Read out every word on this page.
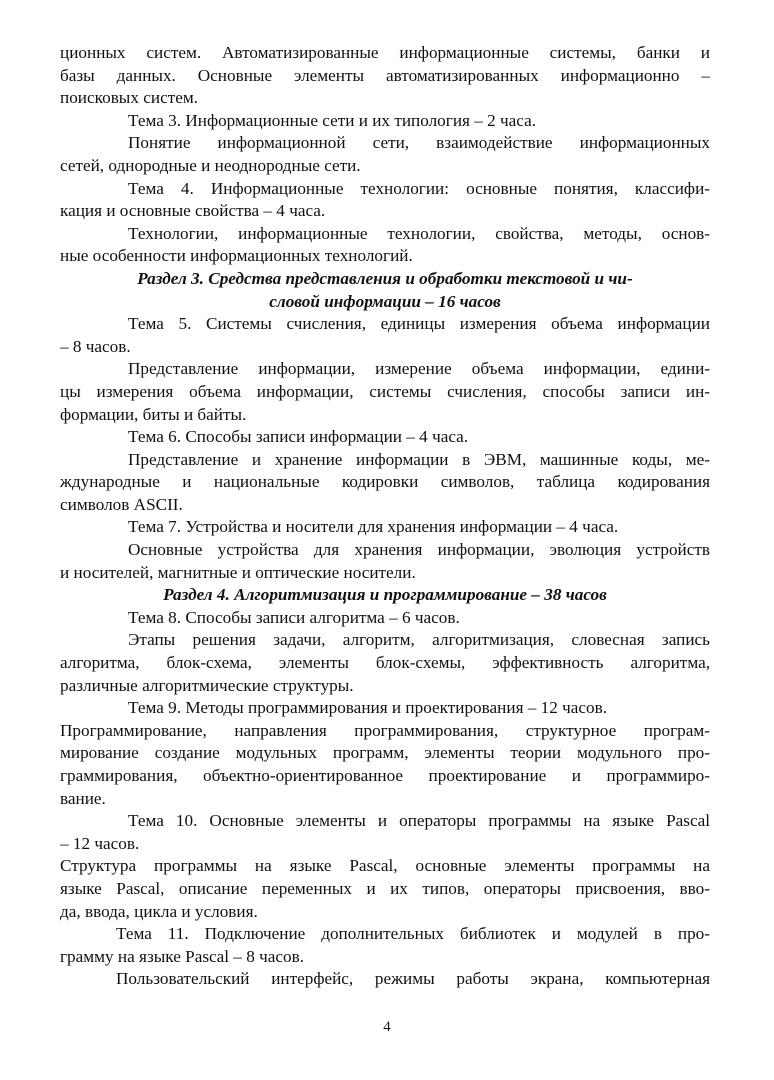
ционных систем. Автоматизированные информационные системы, банки и
базы данных. Основные элементы автоматизированных информационно –
поисковых систем.
Тема 3. Информационные сети и их типология – 2 часа.
Понятие информационной сети, взаимодействие информационных
сетей, однородные и неоднородные сети.
Тема 4. Информационные технологии: основные понятия, классифи-
кация и основные свойства – 4 часа.
Технологии, информационные технологии, свойства, методы, основ-
ные особенности информационных технологий.
Раздел 3. Средства представления и обработки текстовой и чи-
словой информации – 16 часов
Тема 5. Системы счисления, единицы измерения объема информации
– 8 часов.
Представление информации, измерение объема информации, едини-
цы измерения объема информации, системы счисления, способы записи ин-
формации, биты и байты.
Тема 6. Способы записи информации – 4 часа.
Представление и хранение информации в ЭВМ, машинные коды, ме-
ждународные и национальные кодировки символов, таблица кодирования
символов ASCII.
Тема 7. Устройства и носители для хранения информации – 4 часа.
Основные устройства для хранения информации, эволюция устройств
и носителей, магнитные и оптические носители.
Раздел 4. Алгоритмизация и программирование – 38 часов
Тема 8. Способы записи алгоритма – 6 часов.
Этапы решения задачи, алгоритм, алгоритмизация, словесная запись
алгоритма, блок-схема, элементы блок-схемы, эффективность алгоритма,
различные алгоритмические структуры.
Тема 9. Методы программирования и проектирования – 12 часов.
Программирование, направления программирования, структурное програм-
мирование создание модульных программ, элементы теории модульного про-
граммирования, объектно-ориентированное проектирование и программиро-
вание.
Тема 10. Основные элементы и операторы программы на языке Pascal
– 12 часов.
Структура программы на языке Pascal, основные элементы программы на
языке Pascal, описание переменных и их типов, операторы присвоения, вво-
да, ввода, цикла и условия.
Тема 11. Подключение дополнительных библиотек и модулей в про-
грамму на языке Pascal – 8 часов.
Пользовательский интерфейс, режимы работы экрана, компьютерная
4
